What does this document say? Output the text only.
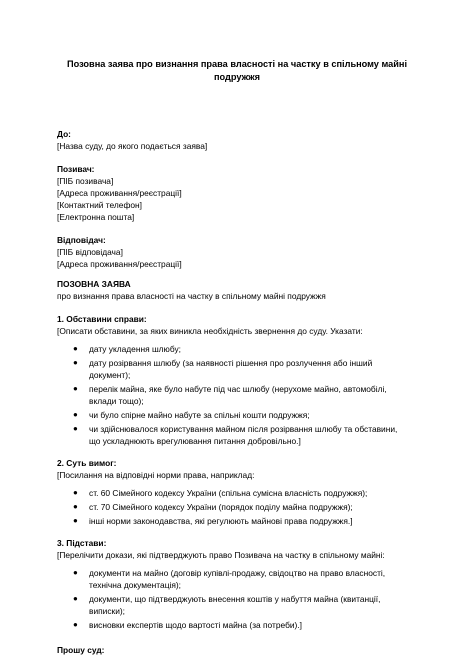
Позовна заява про визнання права власності на частку в спільному майні подружжя

До:

[Назва суду, до якого подається заява]

Позивач:

[ПІБ позивача]

[Адреса проживання/реєстрації]

[Контактний телефон]

[Електронна пошта]

Відповідач:

[ПІБ відповідача]

[Адреса проживання/реєстрації]

ПОЗОВНА ЗАЯВА

про визнання права власності на частку в спільному майні подружжя

1. Обставини справи:

[Описати обставини, за яких виникла необхідність звернення до суду. Указати:

● дату укладення шлюбу;
● дату розірвання шлюбу (за наявності рішення про розлучення або інший документ);
● перелік майна, яке було набуте під час шлюбу (нерухоме майно, автомобілі, вклади тощо);
● чи було спірне майно набуте за спільні кошти подружжя;
● чи здійснювалося користування майном після розірвання шлюбу та обставини, що ускладнюють врегулювання питання добровільно.]

2. Суть вимог:

[Посилання на відповідні норми права, наприклад:

● ст. 60 Сімейного кодексу України (спільна сумісна власність подружжя);
● ст. 70 Сімейного кодексу України (порядок поділу майна подружжя);
● інші норми законодавства, які регулюють майнові права подружжя.]

3. Підстави:

[Перелічити докази, які підтверджують право Позивача на частку в спільному майні:

● документи на майно (договір купівлі-продажу, свідоцтво на право власності, технічна документація);
● документи, що підтверджують внесення коштів у набуття майна (квитанції, виписки);
● висновки експертів щодо вартості майна (за потреби).]

Прошу суд:
